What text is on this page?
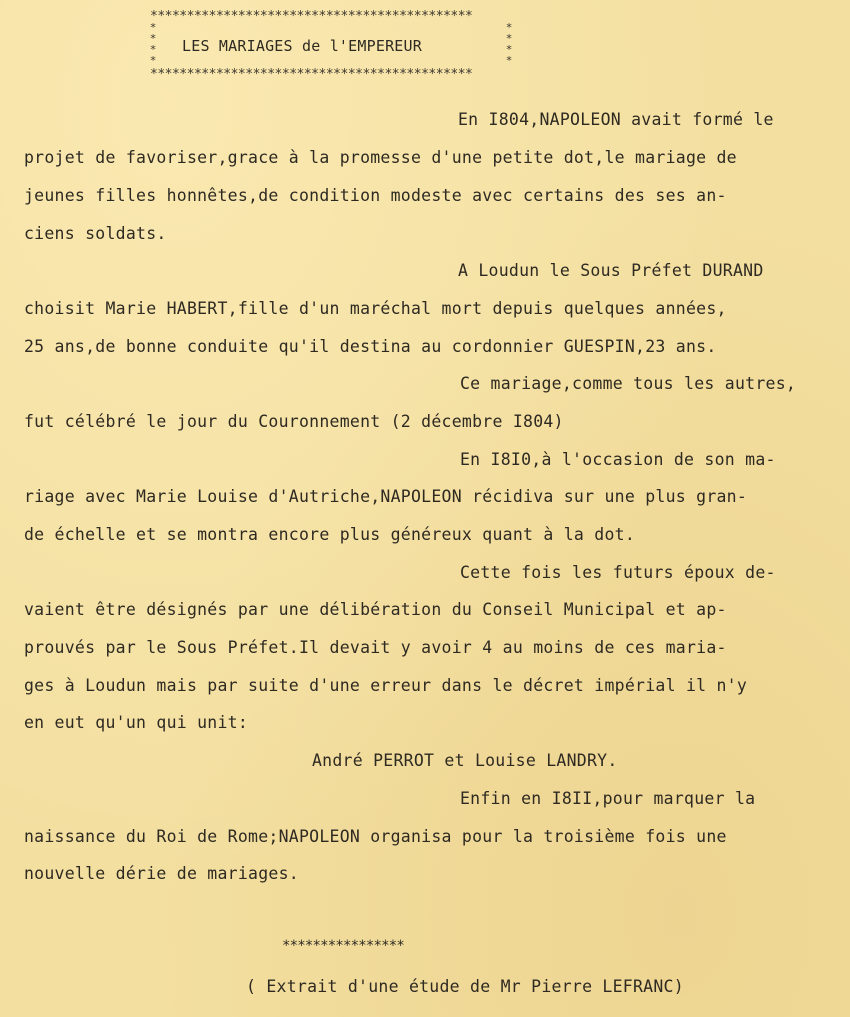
********************************************
*
*
*
*
*
*
*
*
LES MARIAGES de l'EMPEREUR
********************************************
En I804,NAPOLEON avait formé le
projet de favoriser,grace à la promesse d'une petite dot,le mariage de
jeunes filles honnêtes,de condition modeste avec certains des ses an-
ciens soldats.
A Loudun le Sous Préfet DURAND
choisit Marie HABERT,fille d'un maréchal mort depuis quelques années,
25 ans,de bonne conduite qu'il destina au cordonnier GUESPIN,23 ans.
Ce mariage,comme tous les autres,
fut célébré le jour du Couronnement (2 décembre I804)
En I8I0,à l'occasion de son ma-
riage avec Marie Louise d'Autriche,NAPOLEON récidiva sur une plus gran-
de échelle et se montra encore plus généreux quant à la dot.
Cette fois les futurs époux de-
vaient être désignés par une délibération du Conseil Municipal et ap-
prouvés par le Sous Préfet.Il devait y avoir 4 au moins de ces maria-
ges à Loudun mais par suite d'une erreur dans le décret impérial il n'y
en eut qu'un qui unit:
André PERROT et Louise LANDRY.
Enfin en I8II,pour marquer la
naissance du Roi de Rome;NAPOLEON organisa pour la troisième fois une
nouvelle dérie de mariages.
****************
( Extrait d'une étude de Mr Pierre LEFRANC)
